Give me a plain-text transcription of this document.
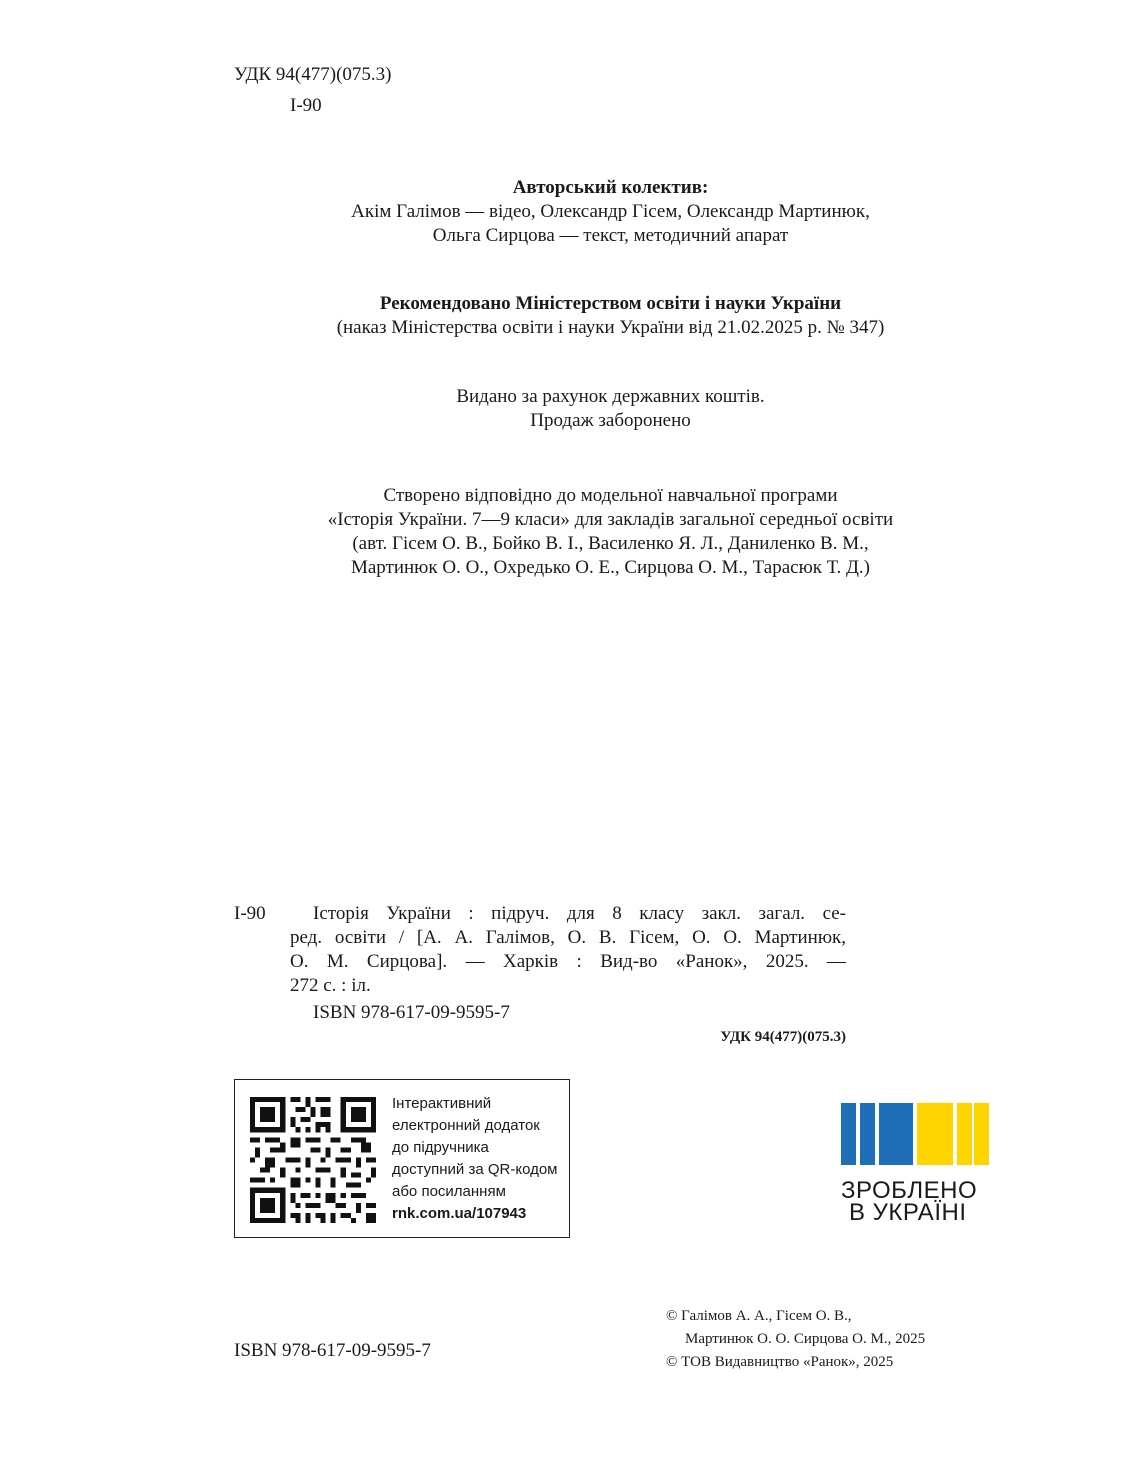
УДК 94(477)(075.3)
І-90
Авторський колектив:
Акім Галімов — відео, Олександр Гісем, Олександр Мартинюк,
Ольга Сирцова — текст, методичний апарат
Рекомендовано Міністерством освіти і науки України
(наказ Міністерства освіти і науки України від 21.02.2025 р. № 347)
Видано за рахунок державних коштів.
Продаж заборонено
Створено відповідно до модельної навчальної програми
«Історія України. 7—9 класи» для закладів загальної середньої освіти
(авт. Гісем О. В., Бойко В. І., Василенко Я. Л., Даниленко В. М.,
Мартинюк О. О., Охредько О. Е., Сирцова О. М., Тарасюк Т. Д.)
І-90	Історія України : підруч. для 8 класу закл. загал. се-
ред. освіти / [А. А. Галімов, О. В. Гісем, О. О. Мартинюк,
О. М. Сирцова]. — Харків : Вид-во «Ранок», 2025. —
272 с. : іл.
ISBN 978-617-09-9595-7
УДК 94(477)(075.3)
Інтерактивний
електронний додаток
до підручника
доступний за QR-кодом
або посиланням
rnk.com.ua/107943
ЗРОБЛЕНО
В УКРАЇНІ
ISBN 978-617-09-9595-7
© Галімов А. А., Гісем О. В.,
Мартинюк О. О. Сирцова О. М., 2025
© ТОВ Видавництво «Ранок», 2025
